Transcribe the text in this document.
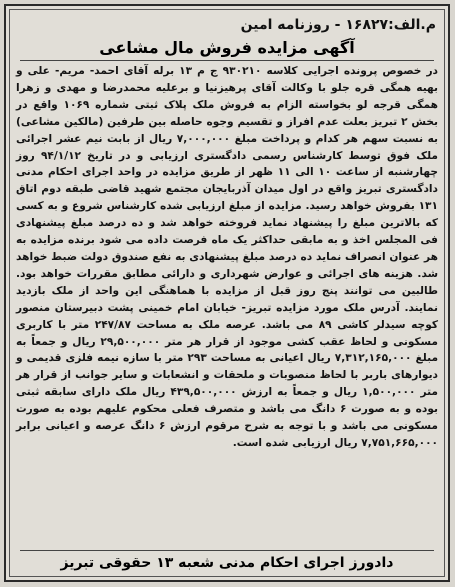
م.الف:۱۶۸۲۷ - روزنامه امین
آگهی مزایده فروش مال مشاعی
در خصوص پرونده اجرایی کلاسه ۹۳۰۲۱۰ ج م ۱۳ برله آقای احمد- مریم- علی و بهیه همگی قره جلو با وکالت آقای پرهیزنیا و برعلیه محمدرضا و مهدی و زهرا همگی قرجه لو بخواسته الزام به فروش ملک پلاک ثبتی شماره ۱۰۶۹ واقع در بخش ۲ تبریز بعلت عدم افراز و تقسیم وجوه حاصله بین طرفین (مالکین مشاعی) به نسبت سهم هر کدام و پرداخت مبلغ ۷,۰۰۰,۰۰۰ ریال از بابت نیم عشر اجرائی ملک فوق توسط کارشناس رسمی دادگستری ارزیابی و در تاریخ ۹۴/۱/۱۲ روز چهارشنبه از ساعت ۱۰ الی ۱۱ ظهر از طریق مزایده در واحد اجرای احکام مدنی دادگستری تبریز واقع در اول میدان آذربایجان مجتمع شهید قاضی طبقه دوم اتاق ۱۳۱ بفروش خواهد رسید. مزایده از مبلغ ارزیابی شده کارشناس شروع و به کسی که بالاترین مبلغ را پیشنهاد نماید فروخته خواهد شد و ده درصد مبلغ پیشنهادی فی المجلس اخذ و به مابقی حداکثر یک ماه فرصت داده می شود برنده مزایده به هر عنوان انصراف نماید ده درصد مبلغ پیشنهادی به نفع صندوق دولت ضبط خواهد شد. هزینه های اجرائی و عوارض شهرداری و دارائی مطابق مقررات خواهد بود. طالبین می توانند پنج روز قبل از مزایده با هماهنگی این واحد از ملک بازدید نمایند. آدرس ملک مورد مزایده تبریز- خیابان امام خمینی پشت دبیرستان منصور کوچه سیدلر کاشی ۸۹ می باشد. عرصه ملک به مساحت ۲۴۷/۸۷ متر با کاربری مسکونی و لحاظ عقب کشی موجود از قرار هر متر ۲۹,۵۰۰,۰۰۰ ریال و جمعاً به مبلغ ۷,۳۱۲,۱۶۵,۰۰۰ ریال اعیانی به مساحت ۲۹۳ متر با سازه نیمه فلزی قدیمی و دیوارهای باربر با لحاظ منصوبات و ملحقات و انشعابات و سایر جوانب از قرار هر متر ۱,۵۰۰,۰۰۰ ریال و جمعاً به ارزش ۴۳۹,۵۰۰,۰۰۰ ریال ملک دارای سابقه ثبتی بوده و به صورت ۶ دانگ می باشد و متصرف فعلی محکوم علیهم بوده به صورت مسکونی می باشد و با توجه به شرح مرقوم ارزش ۶ دانگ عرصه و اعیانی برابر ۷,۷۵۱,۶۶۵,۰۰۰ ریال ارزیابی شده است.
دادورز اجرای احکام مدنی شعبه ۱۳ حقوقی تبریز
